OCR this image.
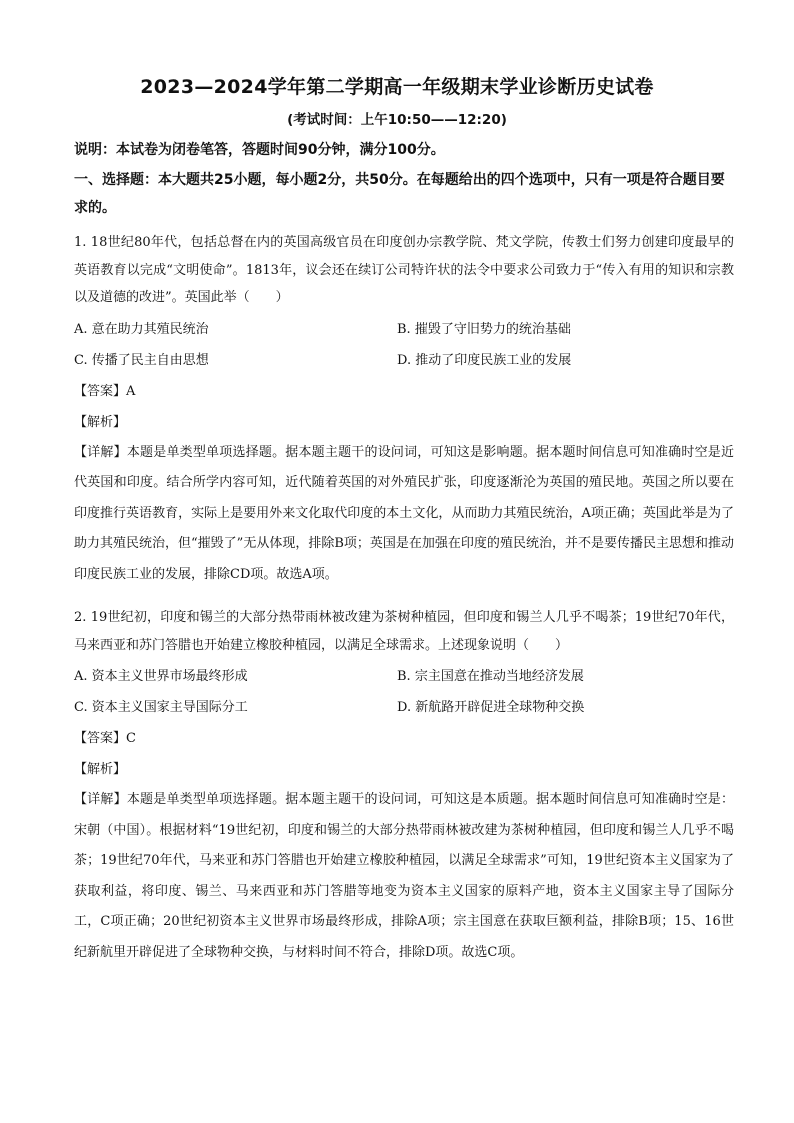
2023—2024学年第二学期高一年级期末学业诊断历史试卷
(考试时间：上午10:50——12:20)
说明：本试卷为闭卷笔答，答题时间90分钟，满分100分。
一、选择题：本大题共25小题，每小题2分，共50分。在每题给出的四个选项中，只有一项是符合题目要求的。

1. 18世纪80年代，包括总督在内的英国高级官员在印度创办宗教学院、梵文学院，传教士们努力创建印度最早的英语教育以完成“文明使命”。1813年，议会还在续订公司特许状的法令中要求公司致力于“传入有用的知识和宗教以及道德的改进”。英国此举（　　）

A. 意在助力其殖民统治	B. 摧毁了守旧势力的统治基础
C. 传播了民主自由思想	D. 推动了印度民族工业的发展
【答案】A
【解析】

【详解】本题是单类型单项选择题。据本题主题干的设问词，可知这是影响题。据本题时间信息可知准确时空是近代英国和印度。结合所学内容可知，近代随着英国的对外殖民扩张，印度逐渐沦为英国的殖民地。英国之所以要在印度推行英语教育，实际上是要用外来文化取代印度的本土文化，从而助力其殖民统治，A项正确；英国此举是为了助力其殖民统治，但“摧毁了”无从体现，排除B项；英国是在加强在印度的殖民统治，并不是要传播民主思想和推动印度民族工业的发展，排除CD项。故选A项。

2. 19世纪初，印度和锡兰的大部分热带雨林被改建为茶树种植园，但印度和锡兰人几乎不喝茶；19世纪70年代，马来西亚和苏门答腊也开始建立橡胶种植园，以满足全球需求。上述现象说明（　　）

A. 资本主义世界市场最终形成	B. 宗主国意在推动当地经济发展
C. 资本主义国家主导国际分工	D. 新航路开辟促进全球物种交换
【答案】C
【解析】

【详解】本题是单类型单项选择题。据本题主题干的设问词，可知这是本质题。据本题时间信息可知准确时空是：宋朝（中国）。根据材料“19世纪初，印度和锡兰的大部分热带雨林被改建为茶树种植园，但印度和锡兰人几乎不喝茶；19世纪70年代，马来亚和苏门答腊也开始建立橡胶种植园，以满足全球需求”可知，19世纪资本主义国家为了获取利益，将印度、锡兰、马来西亚和苏门答腊等地变为资本主义国家的原料产地，资本主义国家主导了国际分工，C项正确；20世纪初资本主义世界市场最终形成，排除A项；宗主国意在获取巨额利益，排除B项；15、16世纪新航里开辟促进了全球物种交换，与材料时间不符合，排除D项。故选C项。
